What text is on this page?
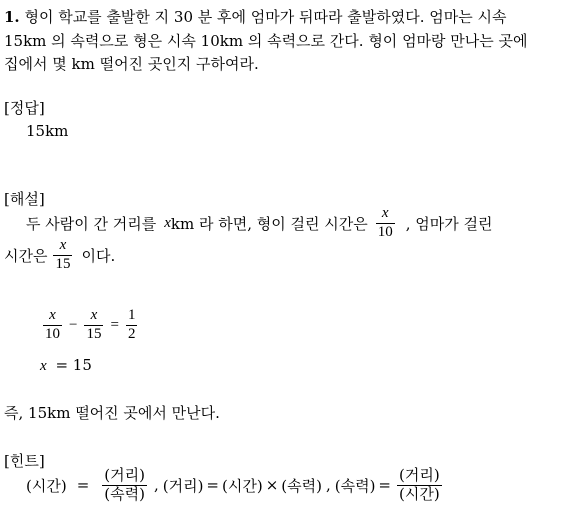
1. 형이 학교를 출발한 지 30 분 후에 엄마가 뒤따라 출발하였다. 엄마는 시속
15km 의 속력으로 형은 시속 10km 의 속력으로 간다. 형이 엄마랑 만나는 곳에
집에서 몇 km 떨어진 곳인지 구하여라.
[정답]
15km
[해설]
두 사람이 간 거리를 x km 라 하면, 형이 걸린 시간은 $\frac{x}{10}$ , 엄마가 걸린
시간은 $\frac{x}{15}$ 이다.
$\frac{x}{10} - \frac{x}{15} = \frac{1}{2}$
x = 15
즉, 15km 떨어진 곳에서 만난다.
[힌트]
(시간) = $\frac{\text{(거리)}}{\text{(속력)}}$ , (거리) = (시간) × (속력) , (속력) = $\frac{\text{(거리)}}{\text{(시간)}}$
